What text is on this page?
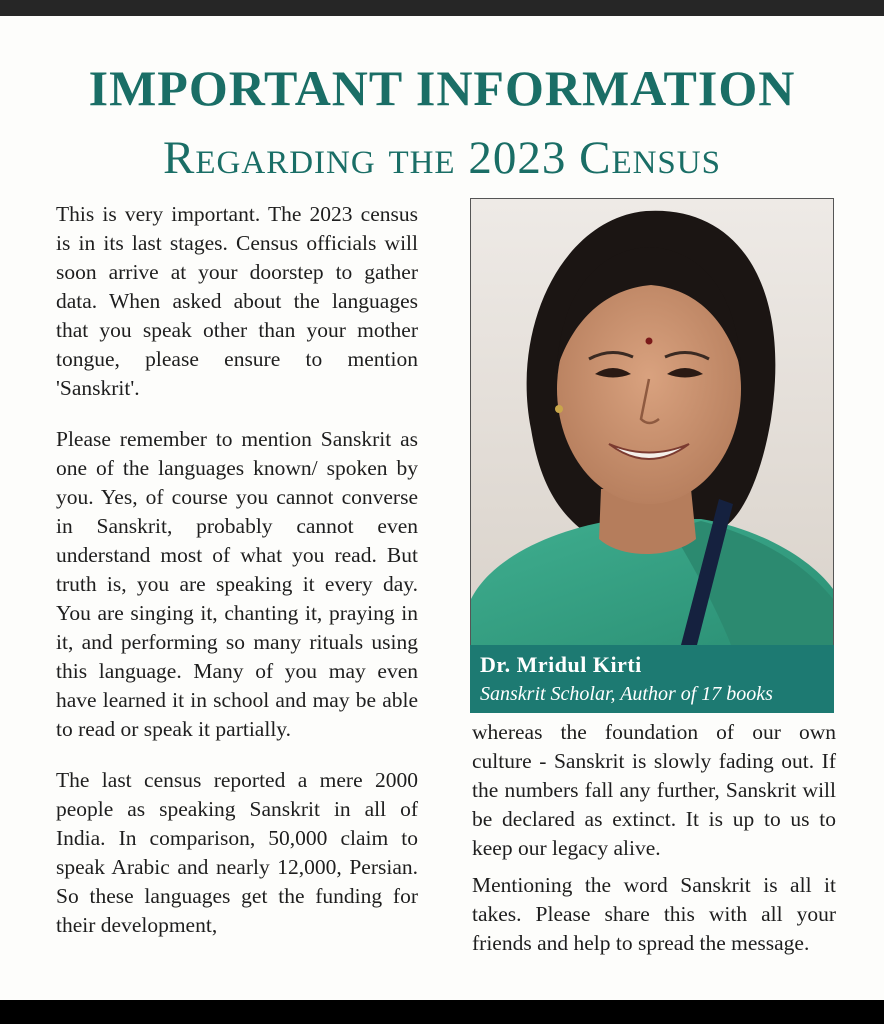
IMPORTANT INFORMATION
Regarding the 2023 Census

This is very important. The 2023 census is in its last stages. Census officials will soon arrive at your doorstep to gather data. When asked about the languages that you speak other than your mother tongue, please ensure to mention 'Sanskrit'.

Please remember to mention Sanskrit as one of the languages known/ spoken by you. Yes, of course you cannot converse in Sanskrit, probably cannot even understand most of what you read. But truth is, you are speaking it every day. You are singing it, chanting it, praying in it, and performing so many rituals using this language. Many of you may even have learned it in school and may be able to read or speak it partially.

The last census reported a mere 2000 people as speaking Sanskrit in all of India. In comparison, 50,000 claim to speak Arabic and nearly 12,000, Persian. So these languages get the funding for their development,

Dr. Mridul Kirti
Sanskrit Scholar, Author of 17 books

whereas the foundation of our own culture - Sanskrit is slowly fading out. If the numbers fall any further, Sanskrit will be declared as extinct. It is up to us to keep our legacy alive.

Mentioning the word Sanskrit is all it takes. Please share this with all your friends and help to spread the message.
